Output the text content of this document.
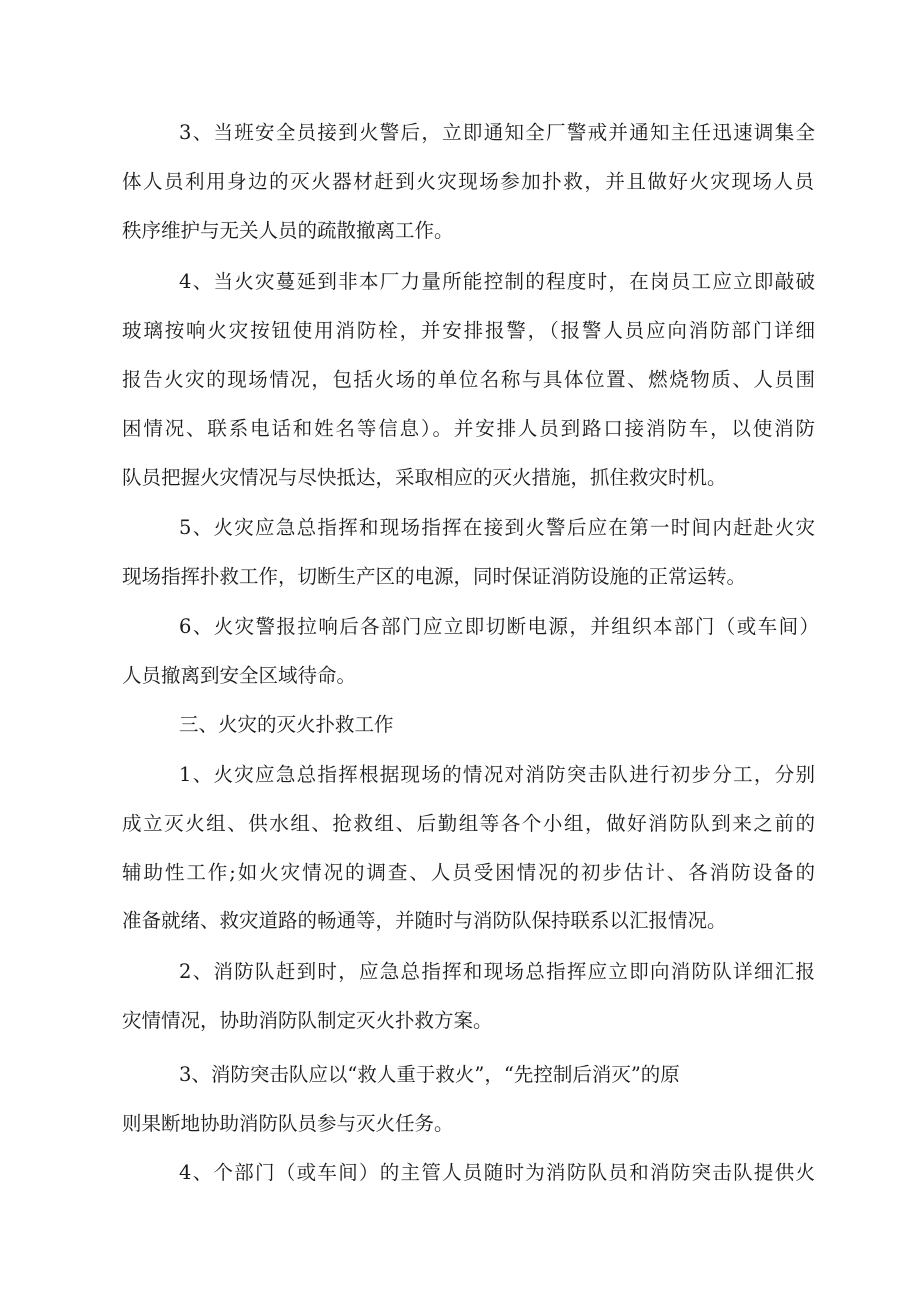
3、当班安全员接到火警后，立即通知全厂警戒并通知主任迅速调集全
体人员利用身边的灭火器材赶到火灾现场参加扑救，并且做好火灾现场人员
秩序维护与无关人员的疏散撤离工作。
4、当火灾蔓延到非本厂力量所能控制的程度时，在岗员工应立即敲破
玻璃按响火灾按钮使用消防栓，并安排报警，（报警人员应向消防部门详细
报告火灾的现场情况，包括火场的单位名称与具体位置、燃烧物质、人员围
困情况、联系电话和姓名等信息）。并安排人员到路口接消防车，以使消防
队员把握火灾情况与尽快抵达，采取相应的灭火措施，抓住救灾时机。
5、火灾应急总指挥和现场指挥在接到火警后应在第一时间内赶赴火灾
现场指挥扑救工作，切断生产区的电源，同时保证消防设施的正常运转。
6、火灾警报拉响后各部门应立即切断电源，并组织本部门（或车间）
人员撤离到安全区域待命。
三、火灾的灭火扑救工作
1、火灾应急总指挥根据现场的情况对消防突击队进行初步分工，分别
成立灭火组、供水组、抢救组、后勤组等各个小组，做好消防队到来之前的
辅助性工作;如火灾情况的调查、人员受困情况的初步估计、各消防设备的
准备就绪、救灾道路的畅通等，并随时与消防队保持联系以汇报情况。
2、消防队赶到时，应急总指挥和现场总指挥应立即向消防队详细汇报
灾情情况，协助消防队制定灭火扑救方案。
3、消防突击队应以“救人重于救火”，“先控制后消灭”的原
则果断地协助消防队员参与灭火任务。
4、个部门（或车间）的主管人员随时为消防队员和消防突击队提供火
